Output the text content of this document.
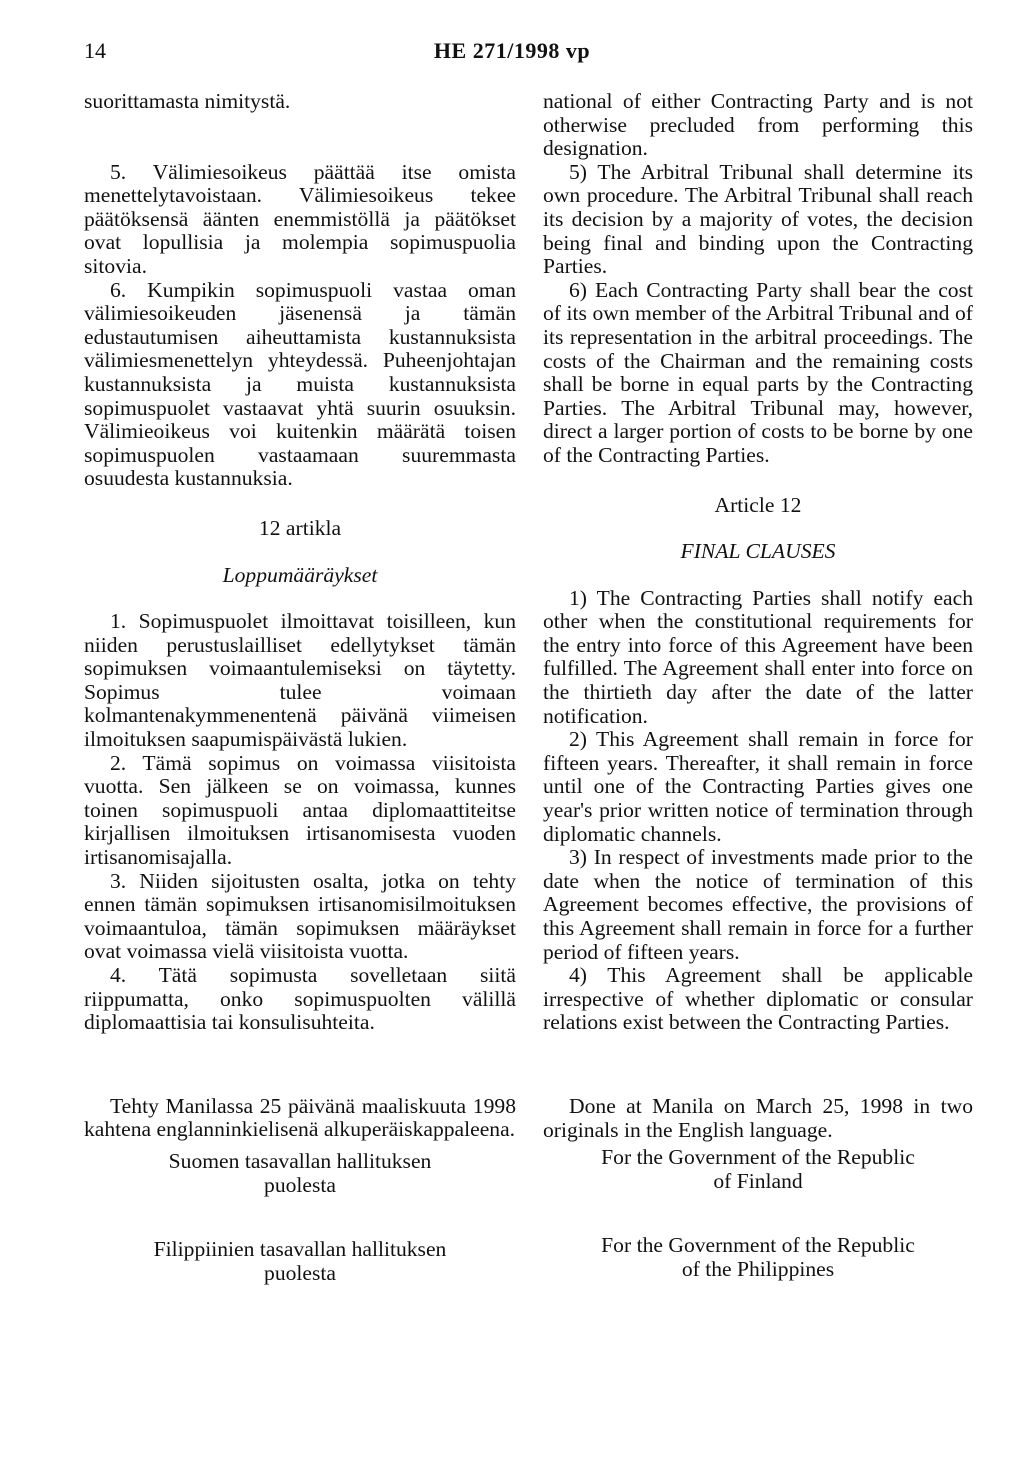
14	HE 271/1998 vp

suorittamasta nimitystä.

5. Välimiesoikeus päättää itse omista menettelytavoistaan. Välimiesoikeus tekee päätöksensä äänten enemmistöllä ja päätökset ovat lopullisia ja molempia sopimuspuolia sitovia.

6. Kumpikin sopimuspuoli vastaa oman välimiesoikeuden jäsenensä ja tämän edustautumisen aiheuttamista kustannuksista välimiesmenettelyn yhteydessä. Puheenjohtajan kustannuksista ja muista kustannuksista sopimuspuolet vastaavat yhtä suurin osuuksin. Välimieoikeus voi kuitenkin määrätä toisen sopimuspuolen vastaamaan suuremmasta osuudesta kustannuksia.

12 artikla

Loppumääräykset

1. Sopimuspuolet ilmoittavat toisilleen, kun niiden perustuslailliset edellytykset tämän sopimuksen voimaantulemiseksi on täytetty. Sopimus tulee voimaan kolmantenakymmenentenä päivänä viimeisen ilmoituksen saapumispäivästä lukien.

2. Tämä sopimus on voimassa viisitoista vuotta. Sen jälkeen se on voimassa, kunnes toinen sopimuspuoli antaa diplomaattiteitse kirjallisen ilmoituksen irtisanomisesta vuoden irtisanomisajalla.

3. Niiden sijoitusten osalta, jotka on tehty ennen tämän sopimuksen irtisanomisilmoituksen voimaantuloa, tämän sopimuksen määräykset ovat voimassa vielä viisitoista vuotta.

4. Tätä sopimusta sovelletaan siitä riippumatta, onko sopimuspuolten välillä diplomaattisia tai konsulisuhteita.

Tehty Manilassa 25 päivänä maaliskuuta 1998 kahtena englanninkielisenä alkuperäiskappaleena.

national of either Contracting Party and is not otherwise precluded from performing this designation.

5) The Arbitral Tribunal shall determine its own procedure. The Arbitral Tribunal shall reach its decision by a majority of votes, the decision being final and binding upon the Contracting Parties.

6) Each Contracting Party shall bear the cost of its own member of the Arbitral Tribunal and of its representation in the arbitral proceedings. The costs of the Chairman and the remaining costs shall be borne in equal parts by the Contracting Parties. The Arbitral Tribunal may, however, direct a larger portion of costs to be borne by one of the Contracting Parties.

Article 12

FINAL CLAUSES

1) The Contracting Parties shall notify each other when the constitutional requirements for the entry into force of this Agreement have been fulfilled. The Agreement shall enter into force on the thirtieth day after the date of the latter notification.

2) This Agreement shall remain in force for fifteen years. Thereafter, it shall remain in force until one of the Contracting Parties gives one year's prior written notice of termination through diplomatic channels.

3) In respect of investments made prior to the date when the notice of termination of this Agreement becomes effective, the provisions of this Agreement shall remain in force for a further period of fifteen years.

4) This Agreement shall be applicable irrespective of whether diplomatic or consular relations exist between the Contracting Parties.

Done at Manila on March 25, 1998 in two originals in the English language.

Suomen tasavallan hallituksen

puolesta

For the Government of the Republic

of Finland

Filippiinien tasavallan hallituksen

puolesta

For the Government of the Republic

of the Philippines
